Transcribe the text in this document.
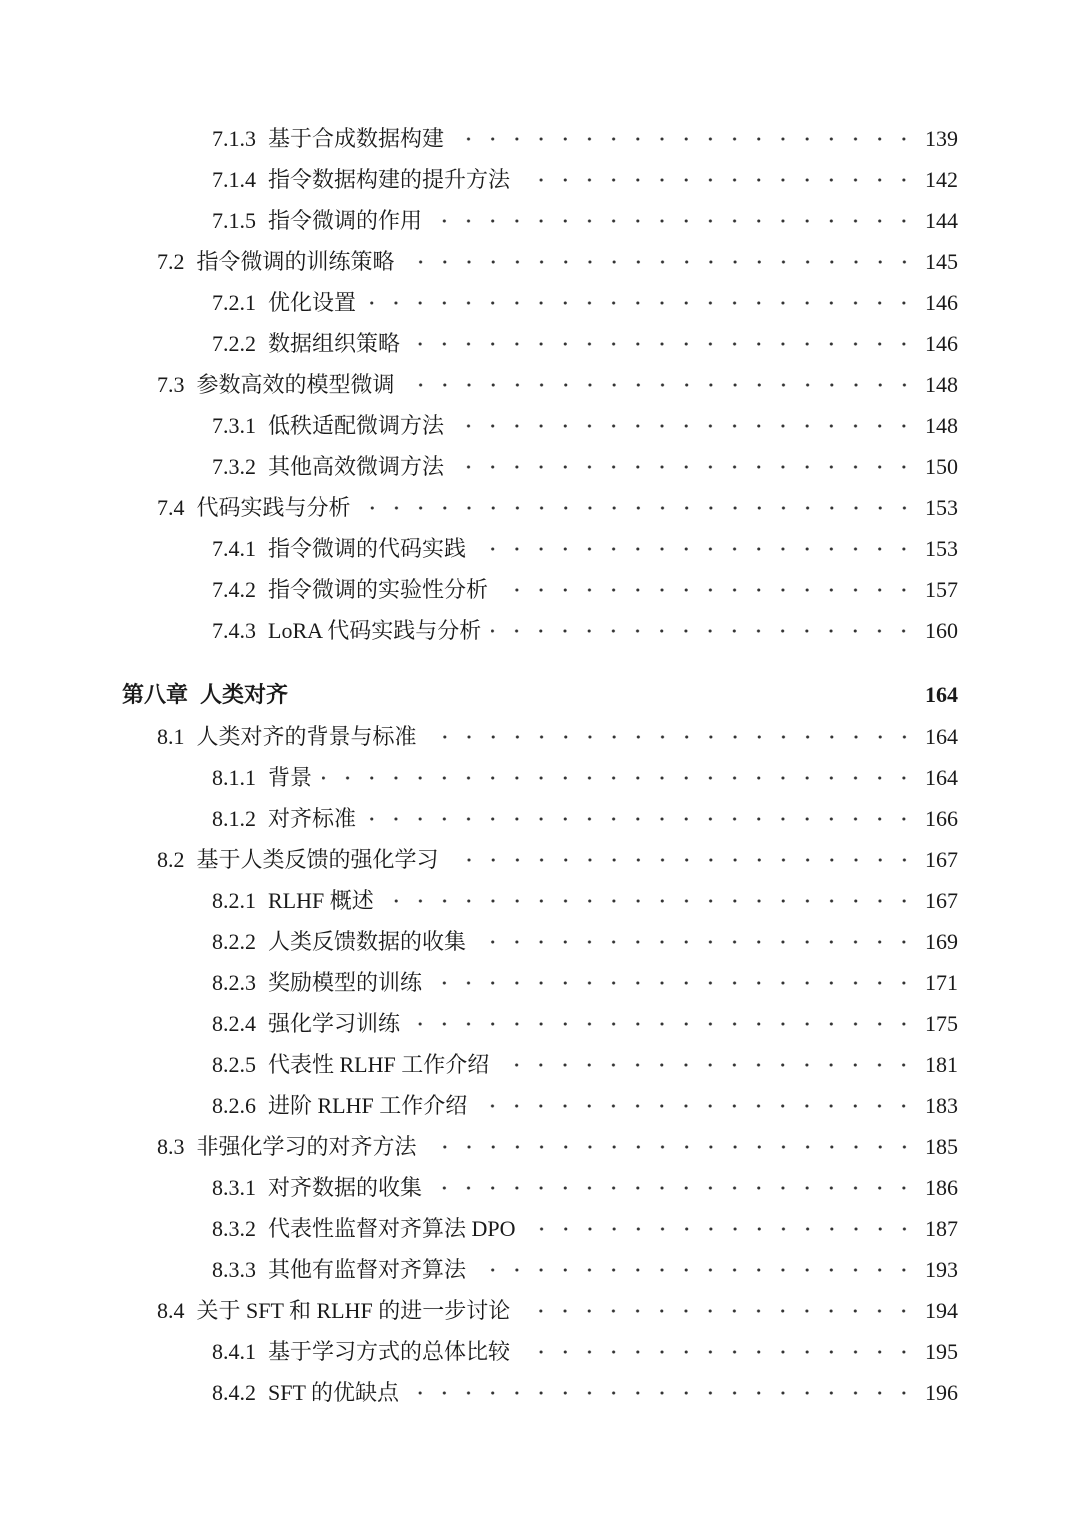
7.1.3 基于合成数据构建	139
7.1.4 指令数据构建的提升方法	142
7.1.5 指令微调的作用	144
7.2 指令微调的训练策略	145
7.2.1 优化设置	146
7.2.2 数据组织策略	146
7.3 参数高效的模型微调	148
7.3.1 低秩适配微调方法	148
7.3.2 其他高效微调方法	150
7.4 代码实践与分析	153
7.4.1 指令微调的代码实践	153
7.4.2 指令微调的实验性分析	157
7.4.3 LoRA 代码实践与分析	160
第八章 人类对齐	164
8.1 人类对齐的背景与标准	164
8.1.1 背景	164
8.1.2 对齐标准	166
8.2 基于人类反馈的强化学习	167
8.2.1 RLHF 概述	167
8.2.2 人类反馈数据的收集	169
8.2.3 奖励模型的训练	171
8.2.4 强化学习训练	175
8.2.5 代表性 RLHF 工作介绍	181
8.2.6 进阶 RLHF 工作介绍	183
8.3 非强化学习的对齐方法	185
8.3.1 对齐数据的收集	186
8.3.2 代表性监督对齐算法 DPO	187
8.3.3 其他有监督对齐算法	193
8.4 关于 SFT 和 RLHF 的进一步讨论	194
8.4.1 基于学习方式的总体比较	195
8.4.2 SFT 的优缺点	196
